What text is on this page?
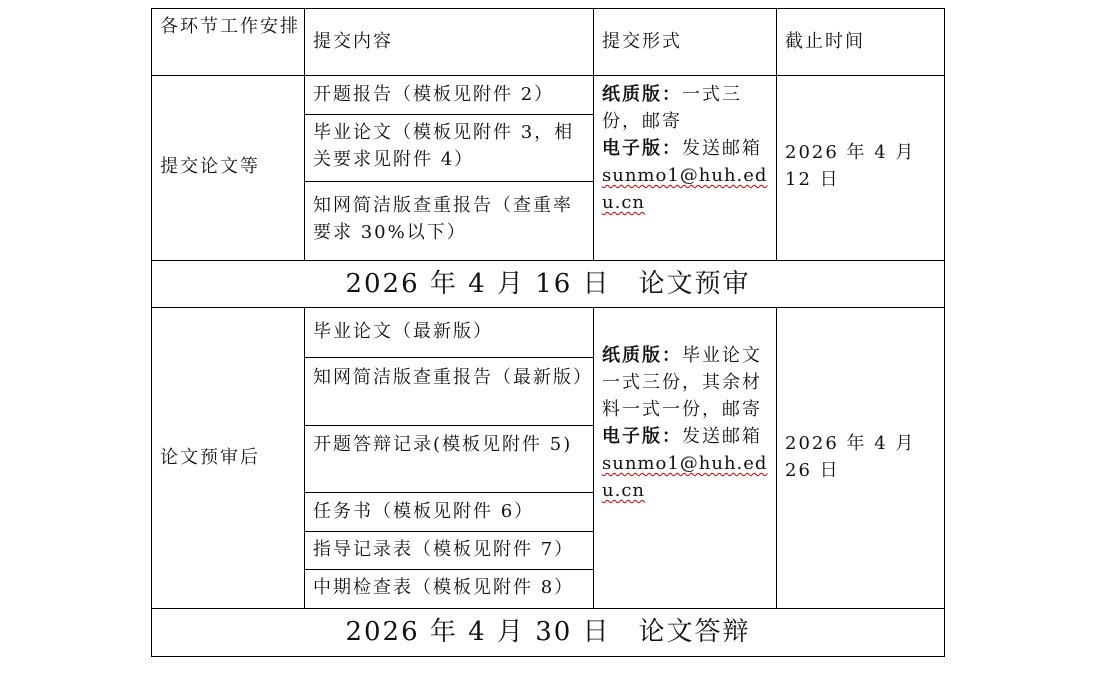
各环节工作安排
提交内容	提交形式	截止时间
提交论文等
开题报告（模板见附件 2）
毕业论文（模板见附件 3，相关要求见附件 4）
知网简洁版查重报告（查重率要求 30%以下）
纸质版：一式三份，邮寄
电子版：发送邮箱
sunmo1@huh.edu.cn
2026 年 4 月 12 日
2026 年 4 月 16 日　论文预审
论文预审后
毕业论文（最新版）
知网简洁版查重报告（最新版）
开题答辩记录(模板见附件 5)
任务书（模板见附件 6）
指导记录表（模板见附件 7）
中期检查表（模板见附件 8）
纸质版：毕业论文一式三份，其余材料一式一份，邮寄
电子版：发送邮箱
sunmo1@huh.edu.cn
2026 年 4 月 26 日
2026 年 4 月 30 日　论文答辩
